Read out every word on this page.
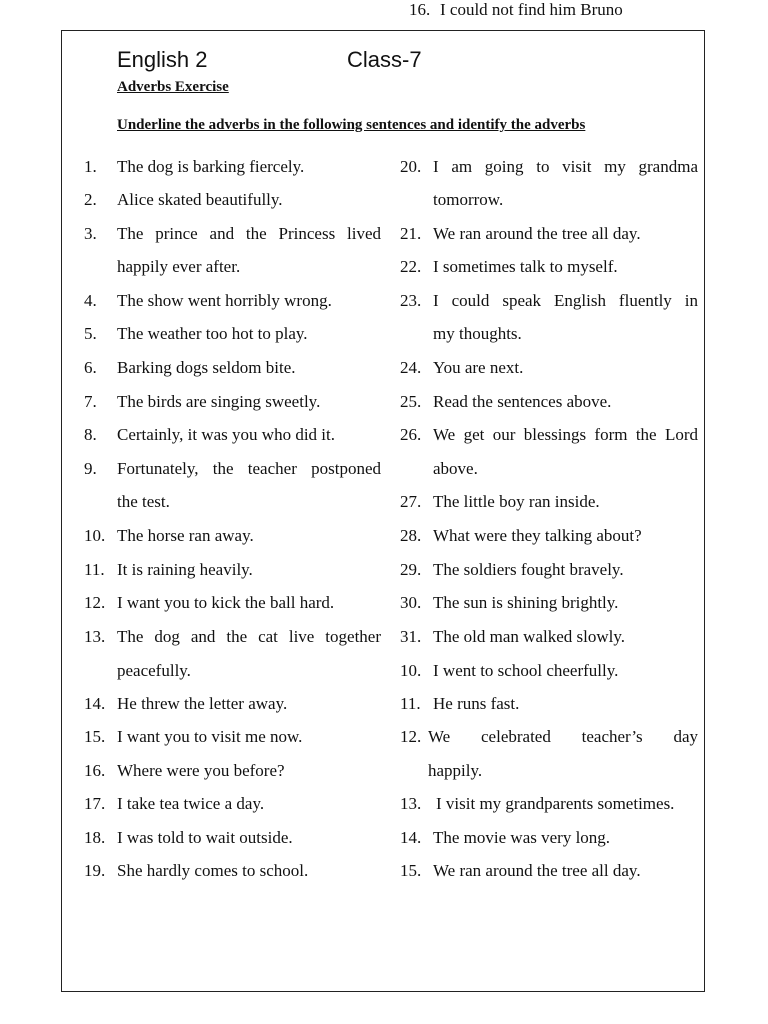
English 2	Class-7
Adverbs Exercise
Underline the adverbs in the following sentences and identify the adverbs
1. The dog is barking fiercely.
2. Alice skated beautifully.
3. The prince and the Princess lived
happily ever after.
4. The show went horribly wrong.
5. The weather too hot to play.
6. Barking dogs seldom bite.
7. The birds are singing sweetly.
8. Certainly, it was you who did it.
9. Fortunately, the teacher postponed
the test.
10. The horse ran away.
11. It is raining heavily.
12. I want you to kick the ball hard.
13. The dog and the cat live together
peacefully.
14. He threw the letter away.
15. I want you to visit me now.
16. Where were you before?
17. I take tea twice a day.
18. I was told to wait outside.
19. She hardly comes to school.
20. I am going to visit my grandma
tomorrow.
21. We ran around the tree all day.
22. I sometimes talk to myself.
23. I could speak English fluently in
my thoughts.
24. You are next.
25. Read the sentences above.
26. We get our blessings form the Lord
above.
27. The little boy ran inside.
28. What were they talking about?
29. The soldiers fought bravely.
30. The sun is shining brightly.
31. The old man walked slowly.
10. I went to school cheerfully.
11. He runs fast.
12. We celebrated teacher’s day
happily.
13. I visit my grandparents sometimes.
14. The movie was very long.
15. We ran around the tree all day.
16. I could not find him Bruno
